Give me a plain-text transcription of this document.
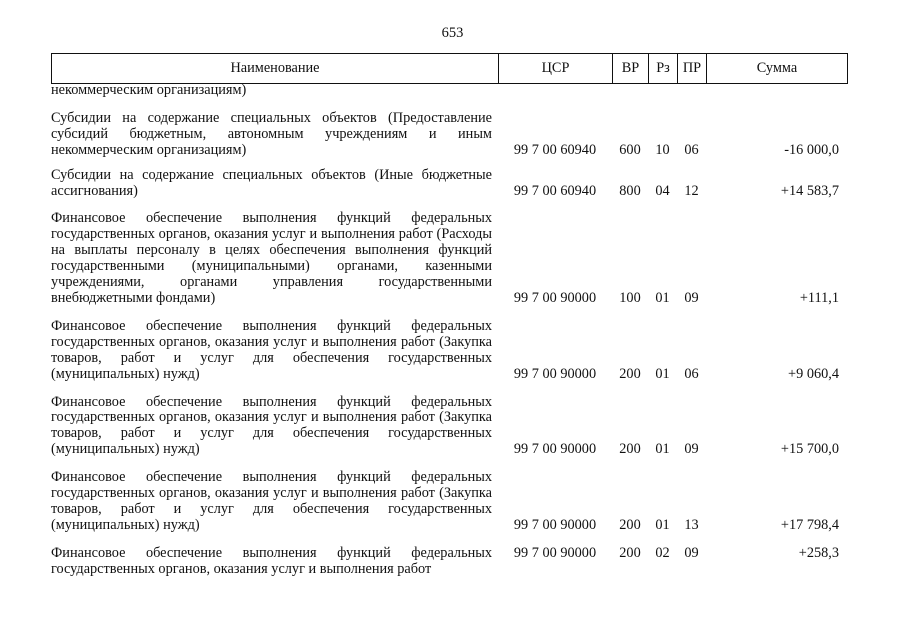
653
Наименование	ЦСР	ВР	Рз	ПР	Сумма
некоммерческим организациям)					

Субсидии на содержание специальных объектов (Предоставление субсидий бюджетным, автономным учреждениям и иным некоммерческим организациям)	99 7 00 60940	600	10	06	-16 000,0

Субсидии на содержание специальных объектов (Иные бюджетные ассигнования)	99 7 00 60940	800	04	12	+14 583,7

Финансовое обеспечение выполнения функций федеральных государственных органов, оказания услуг и выполнения работ (Расходы на выплаты персоналу в целях обеспечения выполнения функций государственными (муниципальными) органами, казенными учреждениями, органами управления государственными внебюджетными фондами)	99 7 00 90000	100	01	09	+111,1

Финансовое обеспечение выполнения функций федеральных государственных органов, оказания услуг и выполнения работ (Закупка товаров, работ и услуг для обеспечения государственных (муниципальных) нужд)	99 7 00 90000	200	01	06	+9 060,4

Финансовое обеспечение выполнения функций федеральных государственных органов, оказания услуг и выполнения работ (Закупка товаров, работ и услуг для обеспечения государственных (муниципальных) нужд)	99 7 00 90000	200	01	09	+15 700,0

Финансовое обеспечение выполнения функций федеральных государственных органов, оказания услуг и выполнения работ (Закупка товаров, работ и услуг для обеспечения государственных (муниципальных) нужд)	99 7 00 90000	200	01	13	+17 798,4

Финансовое обеспечение выполнения функций федеральных государственных органов, оказания услуг и выполнения работ	99 7 00 90000	200	02	09	+258,3
